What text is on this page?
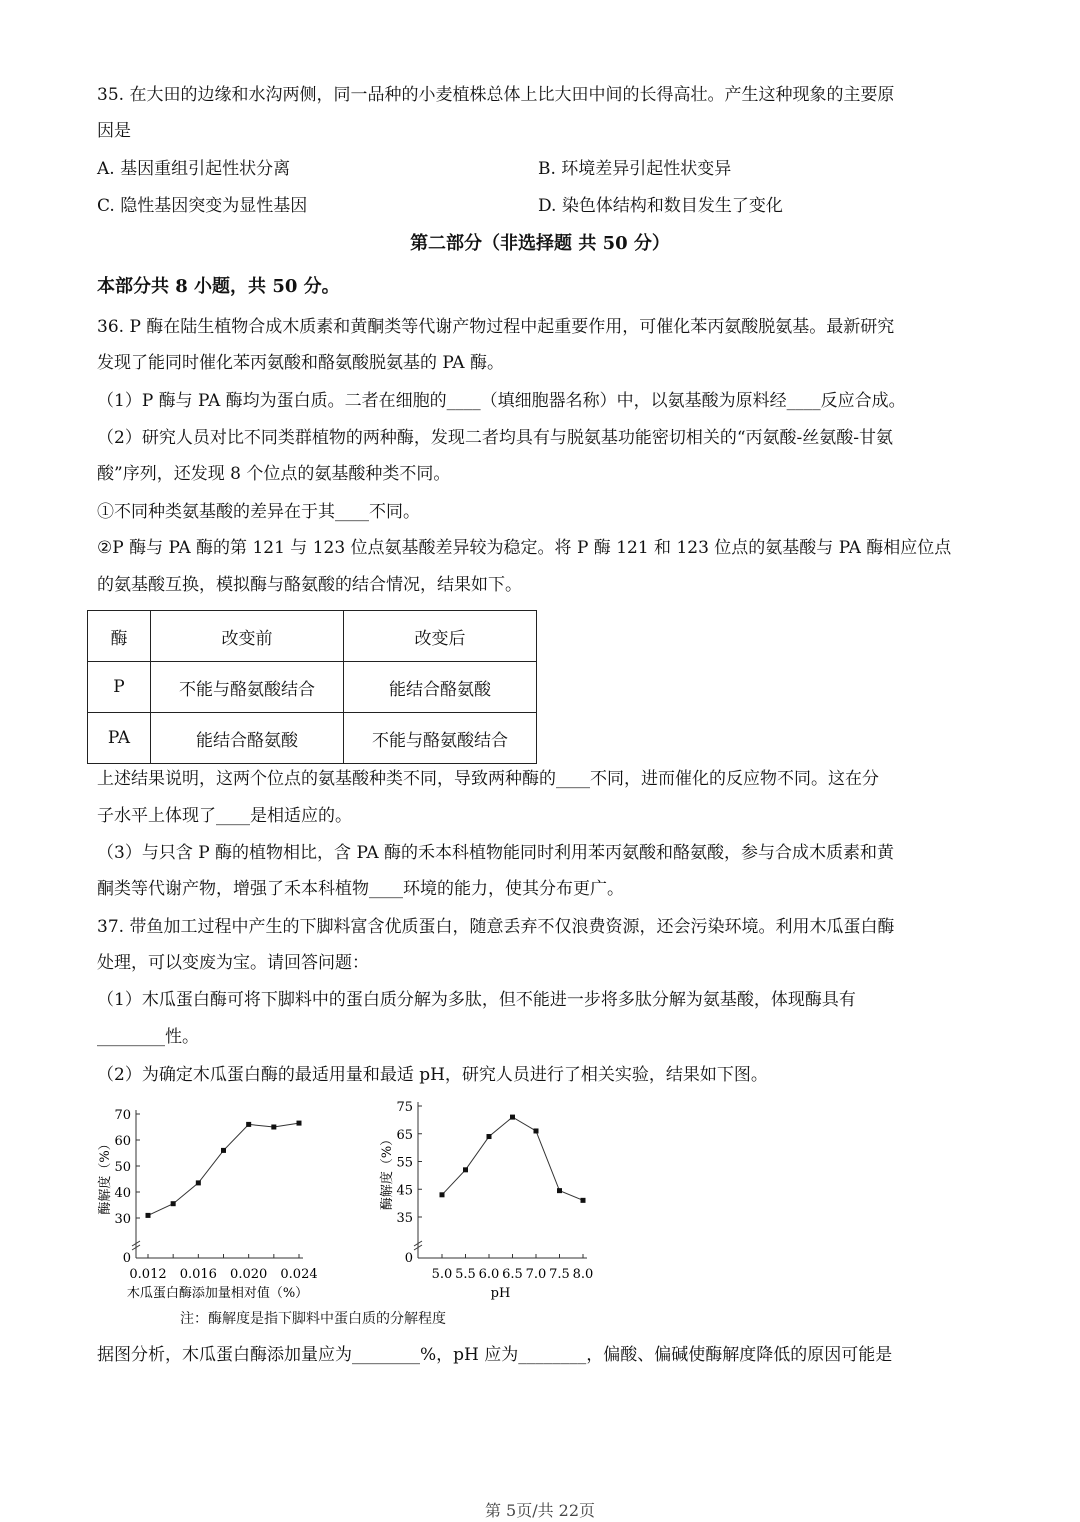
35. 在大田的边缘和水沟两侧，同一品种的小麦植株总体上比大田中间的长得高壮。产生这种现象的主要原
因是
A. 基因重组引起性状分离	B. 环境差异引起性状变异
C. 隐性基因突变为显性基因	D. 染色体结构和数目发生了变化
第二部分（非选择题 共 50 分）
本部分共 8 小题，共 50 分。
36. P 酶在陆生植物合成木质素和黄酮类等代谢产物过程中起重要作用，可催化苯丙氨酸脱氨基。最新研究
发现了能同时催化苯丙氨酸和酪氨酸脱氨基的 PA 酶。
（1）P 酶与 PA 酶均为蛋白质。二者在细胞的____（填细胞器名称）中，以氨基酸为原料经____反应合成。
（2）研究人员对比不同类群植物的两种酶，发现二者均具有与脱氨基功能密切相关的“丙氨酸-丝氨酸-甘氨
酸”序列，还发现 8 个位点的氨基酸种类不同。
①不同种类氨基酸的差异在于其____不同。
②P 酶与 PA 酶的第 121 与 123 位点氨基酸差异较为稳定。将 P 酶 121 和 123 位点的氨基酸与 PA 酶相应位点
的氨基酸互换，模拟酶与酪氨酸的结合情况，结果如下。
酶	改变前	改变后
P	不能与酪氨酸结合	能结合酪氨酸
PA	能结合酪氨酸	不能与酪氨酸结合
上述结果说明，这两个位点的氨基酸种类不同，导致两种酶的____不同，进而催化的反应物不同。这在分
子水平上体现了____是相适应的。
（3）与只含 P 酶的植物相比，含 PA 酶的禾本科植物能同时利用苯丙氨酸和酪氨酸，参与合成木质素和黄
酮类等代谢产物，增强了禾本科植物____环境的能力，使其分布更广。
37. 带鱼加工过程中产生的下脚料富含优质蛋白，随意丢弃不仅浪费资源，还会污染环境。利用木瓜蛋白酶
处理，可以变废为宝。请回答问题：
（1）木瓜蛋白酶可将下脚料中的蛋白质分解为多肽，但不能进一步将多肽分解为氨基酸，体现酶具有
________性。
（2）为确定木瓜蛋白酶的最适用量和最适 pH，研究人员进行了相关实验，结果如下图。
0
30
40
50
60
70
0.012 0.016 0.020 0.024
木瓜蛋白酶添加量相对值（%）
酶解度（%）
0
35
45
55
65
75
5.0 5.5 6.0 6.5 7.0 7.5 8.0
pH
酶解度（%）
注：酶解度是指下脚料中蛋白质的分解程度
据图分析，木瓜蛋白酶添加量应为________%，pH 应为________，偏酸、偏碱使酶解度降低的原因可能是
第 5页/共 22页
